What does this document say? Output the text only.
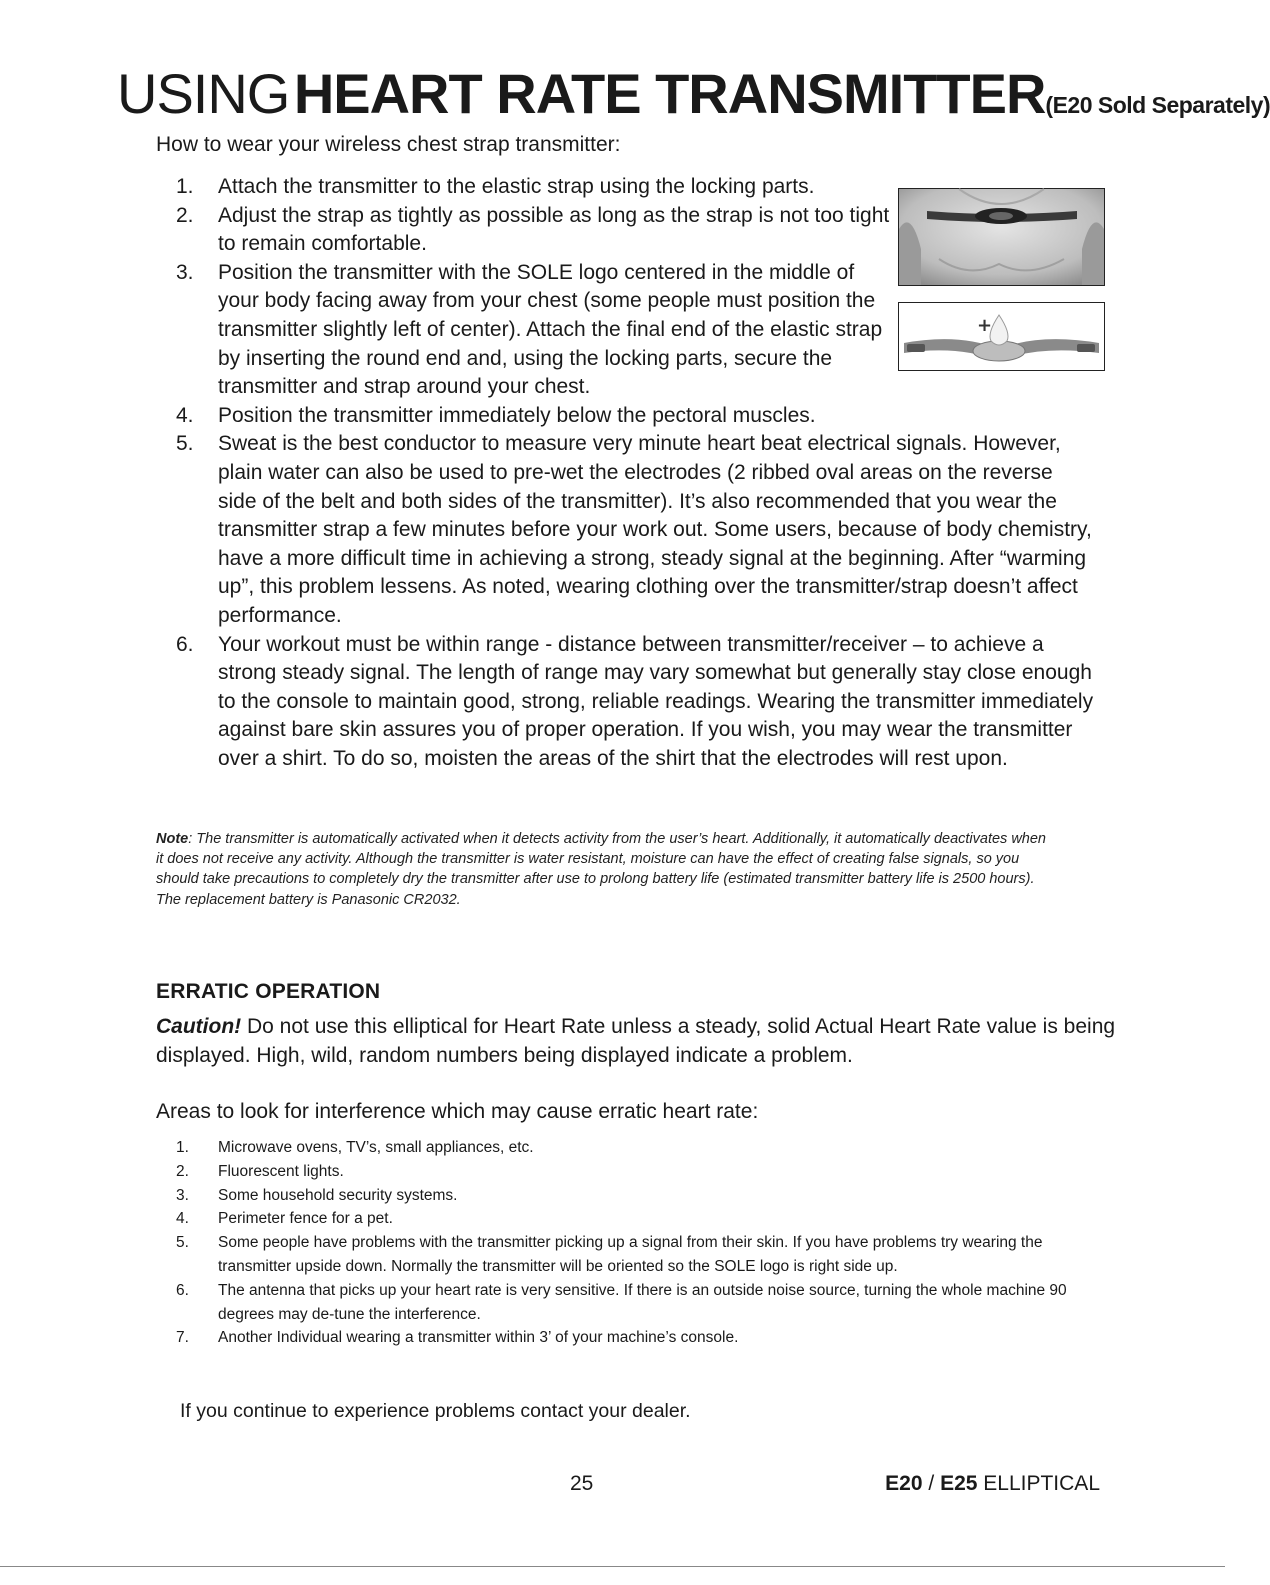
USING HEART RATE TRANSMITTER(E20 Sold Separately)
How to wear your wireless chest strap transmitter:
1. Attach the transmitter to the elastic strap using the locking parts.
2. Adjust the strap as tightly as possible as long as the strap is not too tight to remain comfortable.
3. Position the transmitter with the SOLE logo centered in the middle of your body facing away from your chest (some people must position the transmitter slightly left of center). Attach the final end of the elastic strap by inserting the round end and, using the locking parts, secure the transmitter and strap around your chest.
4. Position the transmitter immediately below the pectoral muscles.
5. Sweat is the best conductor to measure very minute heart beat electrical signals. However, plain water can also be used to pre-wet the electrodes (2 ribbed oval areas on the reverse side of the belt and both sides of the transmitter). It’s also recommended that you wear the transmitter strap a few minutes before your work out. Some users, because of body chemistry, have a more difficult time in achieving a strong, steady signal at the beginning. After “warming up”, this problem lessens. As noted, wearing clothing over the transmitter/strap doesn’t affect performance.
6. Your workout must be within range - distance between transmitter/receiver – to achieve a strong steady signal. The length of range may vary somewhat but generally stay close enough to the console to maintain good, strong, reliable readings. Wearing the transmitter immediately against bare skin assures you of proper operation. If you wish, you may wear the transmitter over a shirt. To do so, moisten the areas of the shirt that the electrodes will rest upon.
+
Note: The transmitter is automatically activated when it detects activity from the user’s heart. Additionally, it automatically deactivates when it does not receive any activity. Although the transmitter is water resistant, moisture can have the effect of creating false signals, so you should take precautions to completely dry the transmitter after use to prolong battery life (estimated transmitter battery life is 2500 hours). The replacement battery is Panasonic CR2032.
ERRATIC OPERATION
Caution! Do not use this elliptical for Heart Rate unless a steady, solid Actual Heart Rate value is being displayed. High, wild, random numbers being displayed indicate a problem.
Areas to look for interference which may cause erratic heart rate:
1. Microwave ovens, TV’s, small appliances, etc.
2. Fluorescent lights.
3. Some household security systems.
4. Perimeter fence for a pet.
5. Some people have problems with the transmitter picking up a signal from their skin. If you have problems try wearing the transmitter upside down. Normally the transmitter will be oriented so the SOLE logo is right side up.
6. The antenna that picks up your heart rate is very sensitive. If there is an outside noise source, turning the whole machine 90 degrees may de-tune the interference.
7. Another Individual wearing a transmitter within 3’ of your machine’s console.
If you continue to experience problems contact your dealer.
25	E20 / E25 ELLIPTICAL
